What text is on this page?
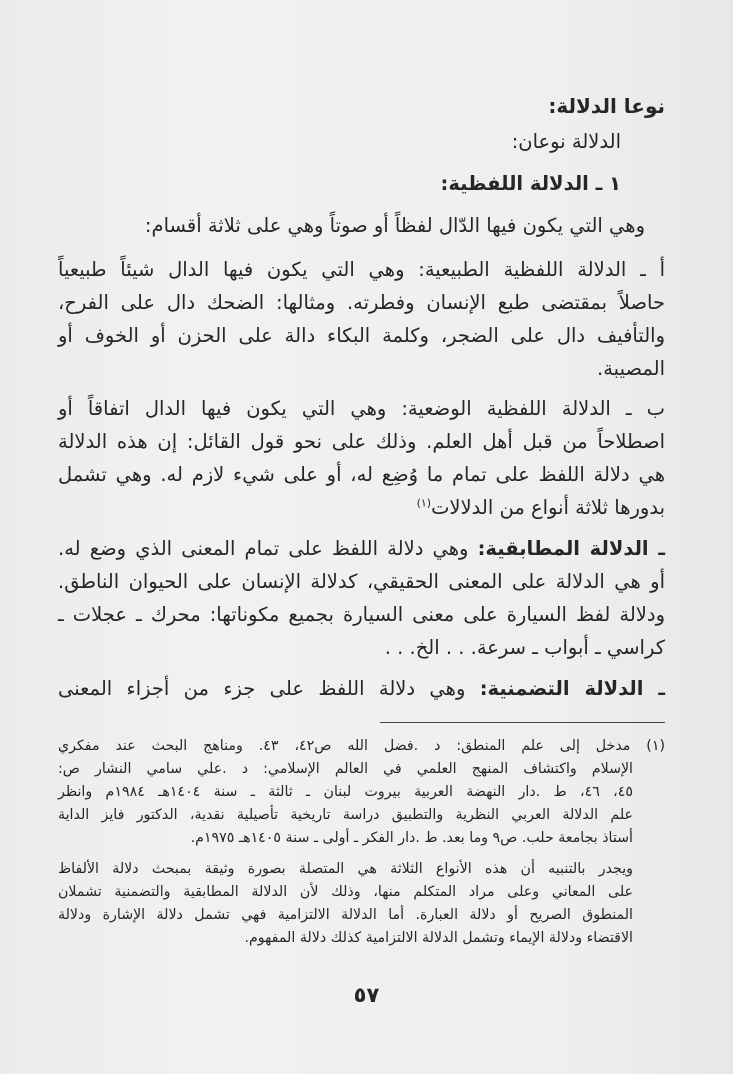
نوعا الدلالة:
الدلالة نوعان:
١ ـ الدلالة اللفظية:
وهي التي يكون فيها الدّال لفظاً أو صوتاً وهي على ثلاثة أقسام:
أ ـ الدلالة اللفظية الطبيعية: وهي التي يكون فيها الدال شيئاً طبيعياً
حاصلاً بمقتضى طبع الإنسان وفطرته. ومثالها: الضحك دال على الفرح،
والتأفيف دال على الضجر، وكلمة البكاء دالة على الحزن أو الخوف أو
المصيبة.
ب ـ الدلالة اللفظية الوضعية: وهي التي يكون فيها الدال اتفاقاً أو
اصطلاحاً من قبل أهل العلم. وذلك على نحو قول القائل: إن هذه الدلالة
هي دلالة اللفظ على تمام ما وُضِع له، أو على شيء لازم له. وهي تشمل
بدورها ثلاثة أنواع من الدلالات$^{(١)}$
ـ الدلالة المطابقية: وهي دلالة اللفظ على تمام المعنى الذي وضع له.
أو هي الدلالة على المعنى الحقيقي، كدلالة الإنسان على الحيوان الناطق.
ودلالة لفظ السيارة على معنى السيارة بجميع مكوناتها: محرك ـ عجلات ـ
كراسي ـ أبواب ـ سرعة. . . الخ. . .
ـ الدلالة التضمنية: وهي دلالة اللفظ على جزء من أجزاء المعنى
(١) مدخل إلى علم المنطق: د .فضل الله ص٤٢، ٤٣. ومناهج البحث عند مفكري
الإسلام واكتشاف المنهج العلمي في العالم الإسلامي: د .علي سامي النشار ص:
٤٥، ٤٦، ط .دار النهضة العربية بيروت لبنان ـ ثالثة ـ سنة ١٤٠٤هـ ١٩٨٤م وانظر
علم الدلالة العربي النظرية والتطبيق دراسة تاريخية تأصيلية نقدية، الدكتور فايز الداية
أستاذ بجامعة حلب. ص٩ وما بعد. ط .دار الفكر ـ أولى ـ سنة ١٤٠٥هـ ١٩٧٥م.
ويجدر بالتنبيه أن هذه الأنواع الثلاثة هي المتصلة بصورة وثيقة بمبحث دلالة الألفاظ
على المعاني وعلى مراد المتكلم منها، وذلك لأن الدلالة المطابقية والتضمنية تشملان
المنطوق الصريح أو دلالة العبارة. أما الدلالة الالتزامية فهي تشمل دلالة الإشارة ودلالة
الاقتضاء ودلالة الإيماء وتشمل الدلالة الالتزامية كذلك دلالة المفهوم.
٥٧
